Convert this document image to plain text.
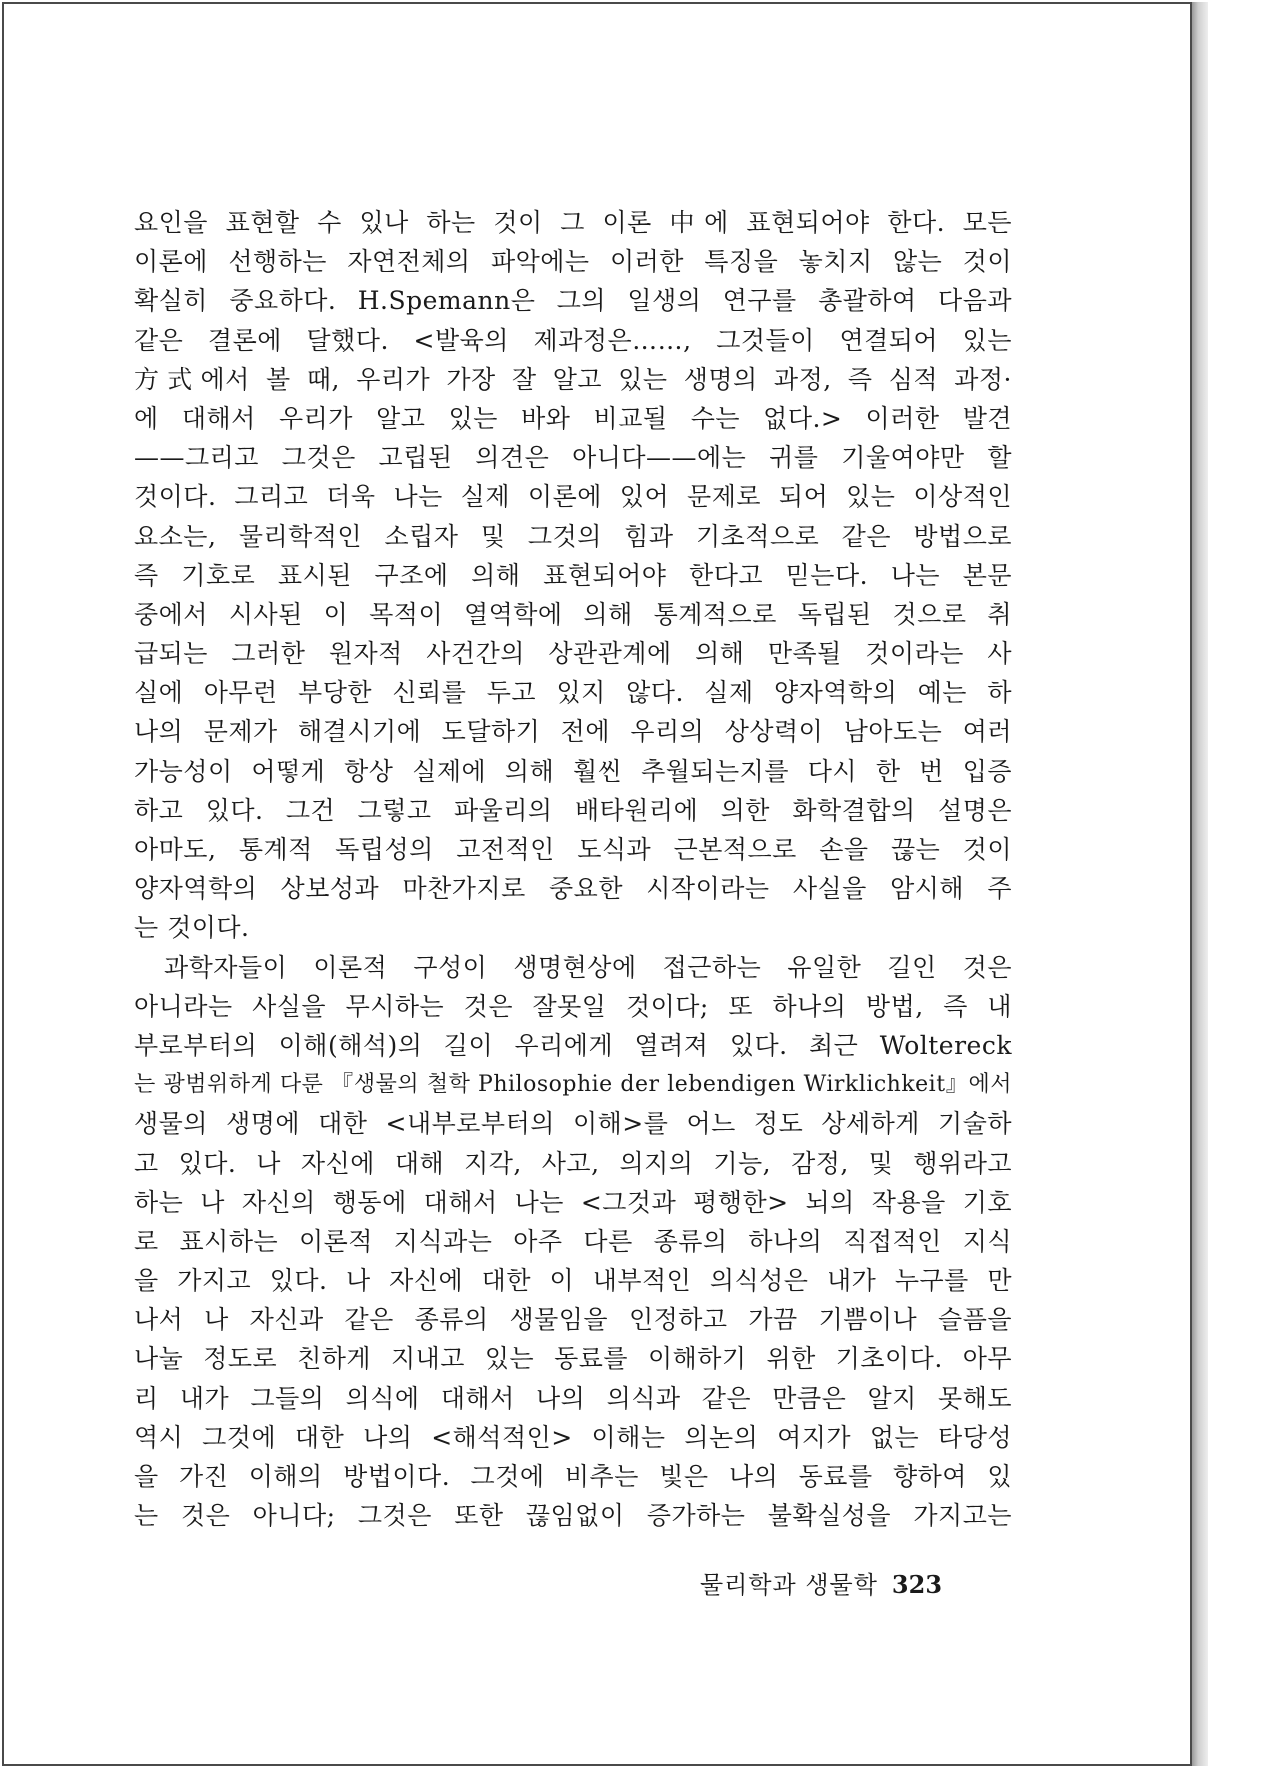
요인을 표현할 수 있나 하는 것이 그 이론 中에 표현되어야 한다. 모든
이론에 선행하는 자연전체의 파악에는 이러한 특징을 놓치지 않는 것이
확실히 중요하다. H.Spemann은 그의 일생의 연구를 총괄하여 다음과
같은 결론에 달했다. <발육의 제과정은……, 그것들이 연결되어 있는
方式에서 볼 때, 우리가 가장 잘 알고 있는 생명의 과정, 즉 심적 과정·
에 대해서 우리가 알고 있는 바와 비교될 수는 없다.> 이러한 발견
——그리고 그것은 고립된 의견은 아니다——에는 귀를 기울여야만 할
것이다. 그리고 더욱 나는 실제 이론에 있어 문제로 되어 있는 이상적인
요소는, 물리학적인 소립자 및 그것의 힘과 기초적으로 같은 방법으로
즉 기호로 표시된 구조에 의해 표현되어야 한다고 믿는다. 나는 본문
중에서 시사된 이 목적이 열역학에 의해 통계적으로 독립된 것으로 취
급되는 그러한 원자적 사건간의 상관관계에 의해 만족될 것이라는 사
실에 아무런 부당한 신뢰를 두고 있지 않다. 실제 양자역학의 예는 하
나의 문제가 해결시기에 도달하기 전에 우리의 상상력이 남아도는 여러
가능성이 어떻게 항상 실제에 의해 훨씬 추월되는지를 다시 한 번 입증
하고 있다. 그건 그렇고 파울리의 배타원리에 의한 화학결합의 설명은
아마도, 통계적 독립성의 고전적인 도식과 근본적으로 손을 끊는 것이
양자역학의 상보성과 마찬가지로 중요한 시작이라는 사실을 암시해 주
는 것이다.
과학자들이 이론적 구성이 생명현상에 접근하는 유일한 길인 것은
아니라는 사실을 무시하는 것은 잘못일 것이다; 또 하나의 방법, 즉 내
부로부터의 이해(해석)의 길이 우리에게 열려져 있다. 최근 Woltereck
는 광범위하게 다룬 『생물의 철학 Philosophie der lebendigen Wirklichkeit』에서
생물의 생명에 대한 <내부로부터의 이해>를 어느 정도 상세하게 기술하
고 있다. 나 자신에 대해 지각, 사고, 의지의 기능, 감정, 및 행위라고
하는 나 자신의 행동에 대해서 나는 <그것과 평행한> 뇌의 작용을 기호
로 표시하는 이론적 지식과는 아주 다른 종류의 하나의 직접적인 지식
을 가지고 있다. 나 자신에 대한 이 내부적인 의식성은 내가 누구를 만
나서 나 자신과 같은 종류의 생물임을 인정하고 가끔 기쁨이나 슬픔을
나눌 정도로 친하게 지내고 있는 동료를 이해하기 위한 기초이다. 아무
리 내가 그들의 의식에 대해서 나의 의식과 같은 만큼은 알지 못해도
역시 그것에 대한 나의 <해석적인> 이해는 의논의 여지가 없는 타당성
을 가진 이해의 방법이다. 그것에 비추는 빛은 나의 동료를 향하여 있
는 것은 아니다; 그것은 또한 끊임없이 증가하는 불확실성을 가지고는
물리학과 생물학 323
